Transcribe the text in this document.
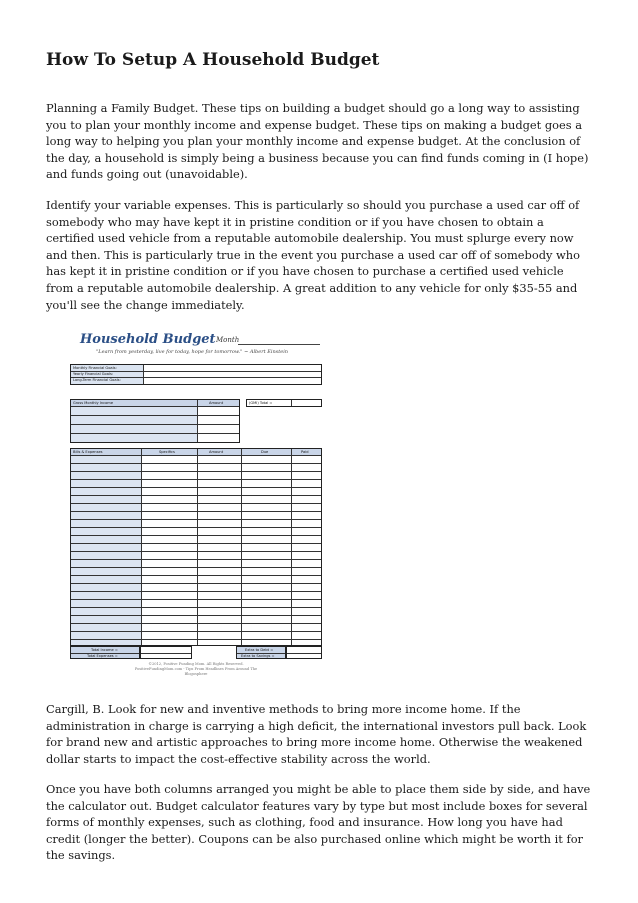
How To Setup A Household Budget

Planning a Family Budget. These tips on building a budget should go a long way to assisting you to plan your monthly income and expense budget. These tips on making a budget goes a long way to helping you plan your monthly income and expense budget. At the conclusion of the day, a household is simply being a business because you can find funds coming in (I hope) and funds going out (unavoidable).

Identify your variable expenses. This is particularly so should you purchase a used car off of somebody who may have kept it in pristine condition or if you have chosen to obtain a certified used vehicle from a reputable automobile dealership. You must splurge every now and then. This is particularly true in the event you purchase a used car off of somebody who has kept it in pristine condition or if you have chosen to purchase a certified used vehicle from a reputable automobile dealership. A great addition to any vehicle for only $35-55 and you'll see the change immediately.

Cargill, B. Look for new and inventive methods to bring more income home. If the administration in charge is carrying a high deficit, the international investors pull back. Look for brand new and artistic approaches to bring more income home. Otherwise the weakened dollar starts to impact the cost-effective stability across the world.

Once you have both columns arranged you might be able to place them side by side, and have the calculator out. Budget calculator features vary by type but most include boxes for several forms of monthly expenses, such as clothing, food and insurance. How long you have had credit (longer the better). Coupons can be also purchased online which might be worth it for the savings.

Household Budget Month
"Learn from yesterday, live for today, hope for tomorrow." ~ Albert Einstein
Monthly Financial Goals:
Yearly Financial Goals:
Long-Term Financial Goals:
Gross Monthly Income	Amount	(GMI) Total =
Bills & Expenses	Specifics	Amount	Due	Paid
Total Income =
Total Expenses =
Extra to Debt =
Extra to Savings =
©2012, Positive Funding Mom. All Rights Reserved.
PositiveFundingMom.com - Tips From Headlines From Around The Blogosphere
